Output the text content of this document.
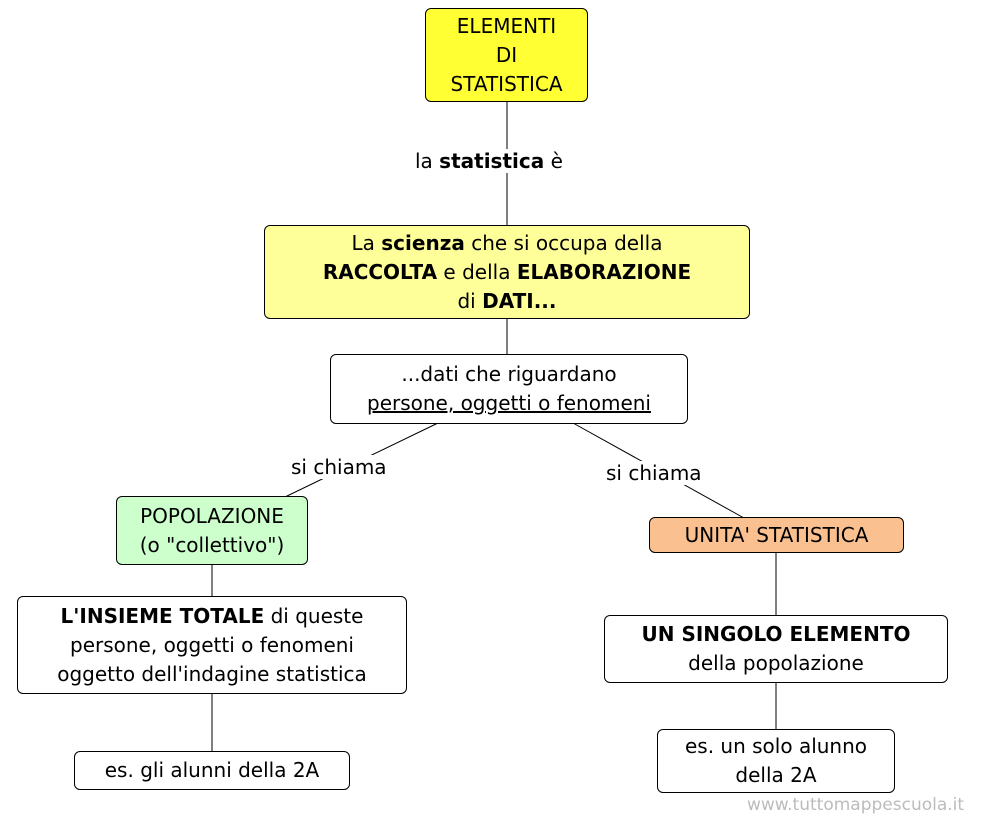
ELEMENTI
DI
STATISTICA
la statistica è
La scienza che si occupa della
RACCOLTA e della ELABORAZIONE
di DATI...
...dati che riguardano
persone, oggetti o fenomeni
si chiama	si chiama
POPOLAZIONE
(o "collettivo")	UNITA' STATISTICA
L'INSIEME TOTALE di queste
persone, oggetti o fenomeni
oggetto dell'indagine statistica
UN SINGOLO ELEMENTO
della popolazione
es. gli alunni della 2A
es. un solo alunno
della 2A
www.tuttomappescuola.it
